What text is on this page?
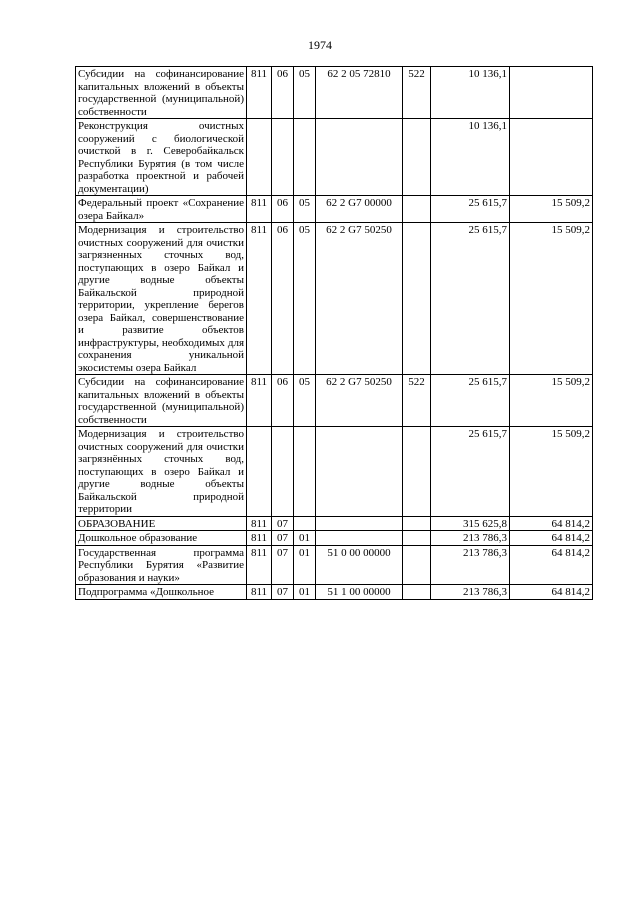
1974
Субсидии на софинансирование капитальных вложений в объекты государственной (муниципальной) собственности	811	06	05	62 2 05 72810	522	10 136,1	
Реконструкция очистных сооружений с биологической очисткой в г. Северобайкальск Республики Бурятия (в том числе разработка проектной и рабочей документации)						10 136,1	
Федеральный проект «Сохранение озера Байкал»	811	06	05	62 2 G7 00000		25 615,7	15 509,2
Модернизация и строительство очистных сооружений для очистки загрязненных сточных вод, поступающих в озеро Байкал и другие водные объекты Байкальской природной территории, укрепление берегов озера Байкал, совершенствование и развитие объектов инфраструктуры, необходимых для сохранения уникальной экосистемы озера Байкал	811	06	05	62 2 G7 50250		25 615,7	15 509,2
Субсидии на софинансирование капитальных вложений в объекты государственной (муниципальной) собственности	811	06	05	62 2 G7 50250	522	25 615,7	15 509,2
Модернизация и строительство очистных сооружений для очистки загрязнённых сточных вод, поступающих в озеро Байкал и другие водные объекты Байкальской природной территории						25 615,7	15 509,2
ОБРАЗОВАНИЕ	811	07				315 625,8	64 814,2
Дошкольное образование	811	07	01			213 786,3	64 814,2
Государственная программа Республики Бурятия «Развитие образования и науки»	811	07	01	51 0 00 00000		213 786,3	64 814,2
Подпрограмма «Дошкольное	811	07	01	51 1 00 00000		213 786,3	64 814,2
